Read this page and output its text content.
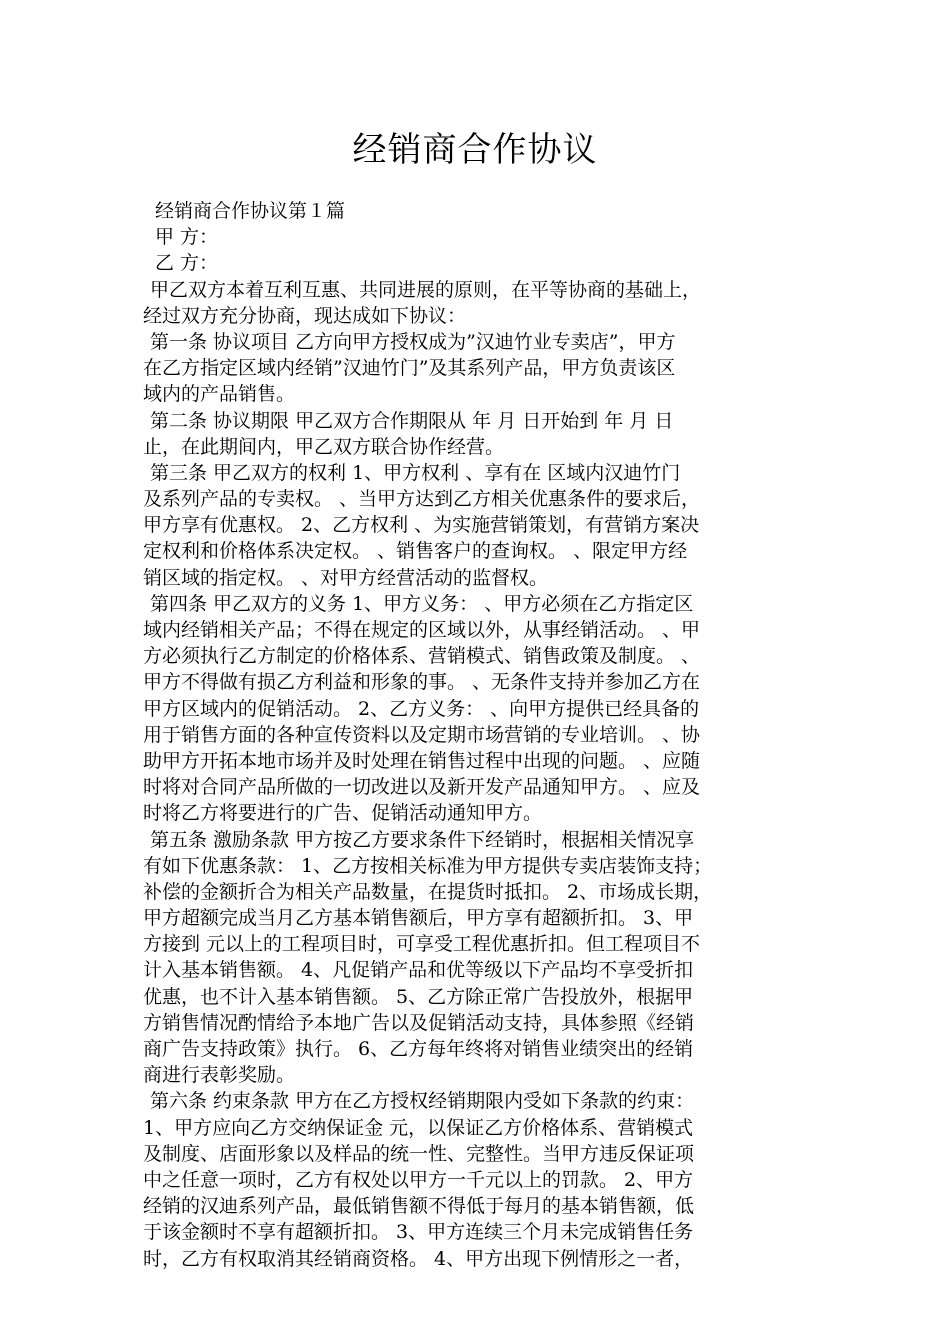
经销商合作协议
经销商合作协议第１篇
甲 方：
乙 方：
甲乙双方本着互利互惠、共同进展的原则，在平等协商的基础上，
经过双方充分协商，现达成如下协议：
第一条 协议项目 乙方向甲方授权成为”汉迪竹业专卖店”，甲方
在乙方指定区域内经销”汉迪竹门”及其系列产品，甲方负责该区
域内的产品销售。
第二条 协议期限 甲乙双方合作期限从 年 月 日开始到 年 月 日
止，在此期间内，甲乙双方联合协作经营。
第三条 甲乙双方的权利 1、甲方权利 、享有在 区域内汉迪竹门
及系列产品的专卖权。 、当甲方达到乙方相关优惠条件的要求后，
甲方享有优惠权。 2、乙方权利 、为实施营销策划，有营销方案决
定权利和价格体系决定权。 、销售客户的查询权。 、限定甲方经
销区域的指定权。 、对甲方经营活动的监督权。
第四条 甲乙双方的义务 1、甲方义务： 、甲方必须在乙方指定区
域内经销相关产品；不得在规定的区域以外，从事经销活动。 、甲
方必须执行乙方制定的价格体系、营销模式、销售政策及制度。 、
甲方不得做有损乙方利益和形象的事。 、无条件支持并参加乙方在
甲方区域内的促销活动。 2、乙方义务： 、向甲方提供已经具备的
用于销售方面的各种宣传资料以及定期市场营销的专业培训。 、协
助甲方开拓本地市场并及时处理在销售过程中出现的问题。 、应随
时将对合同产品所做的一切改进以及新开发产品通知甲方。 、应及
时将乙方将要进行的广告、促销活动通知甲方。
第五条 激励条款 甲方按乙方要求条件下经销时，根据相关情况享
有如下优惠条款： 1、乙方按相关标准为甲方提供专卖店装饰支持；
补偿的金额折合为相关产品数量，在提货时抵扣。 2、市场成长期，
甲方超额完成当月乙方基本销售额后，甲方享有超额折扣。 3、甲
方接到 元以上的工程项目时，可享受工程优惠折扣。但工程项目不
计入基本销售额。 4、凡促销产品和优等级以下产品均不享受折扣
优惠，也不计入基本销售额。 5、乙方除正常广告投放外，根据甲
方销售情况酌情给予本地广告以及促销活动支持，具体参照《经销
商广告支持政策》执行。 6、乙方每年终将对销售业绩突出的经销
商进行表彰奖励。
第六条 约束条款 甲方在乙方授权经销期限内受如下条款的约束：
1、甲方应向乙方交纳保证金 元，以保证乙方价格体系、营销模式
及制度、店面形象以及样品的统一性、完整性。当甲方违反保证项
中之任意一项时，乙方有权处以甲方一千元以上的罚款。 2、甲方
经销的汉迪系列产品，最低销售额不得低于每月的基本销售额，低
于该金额时不享有超额折扣。 3、甲方连续三个月未完成销售任务
时，乙方有权取消其经销商资格。 4、甲方出现下例情形之一者，
